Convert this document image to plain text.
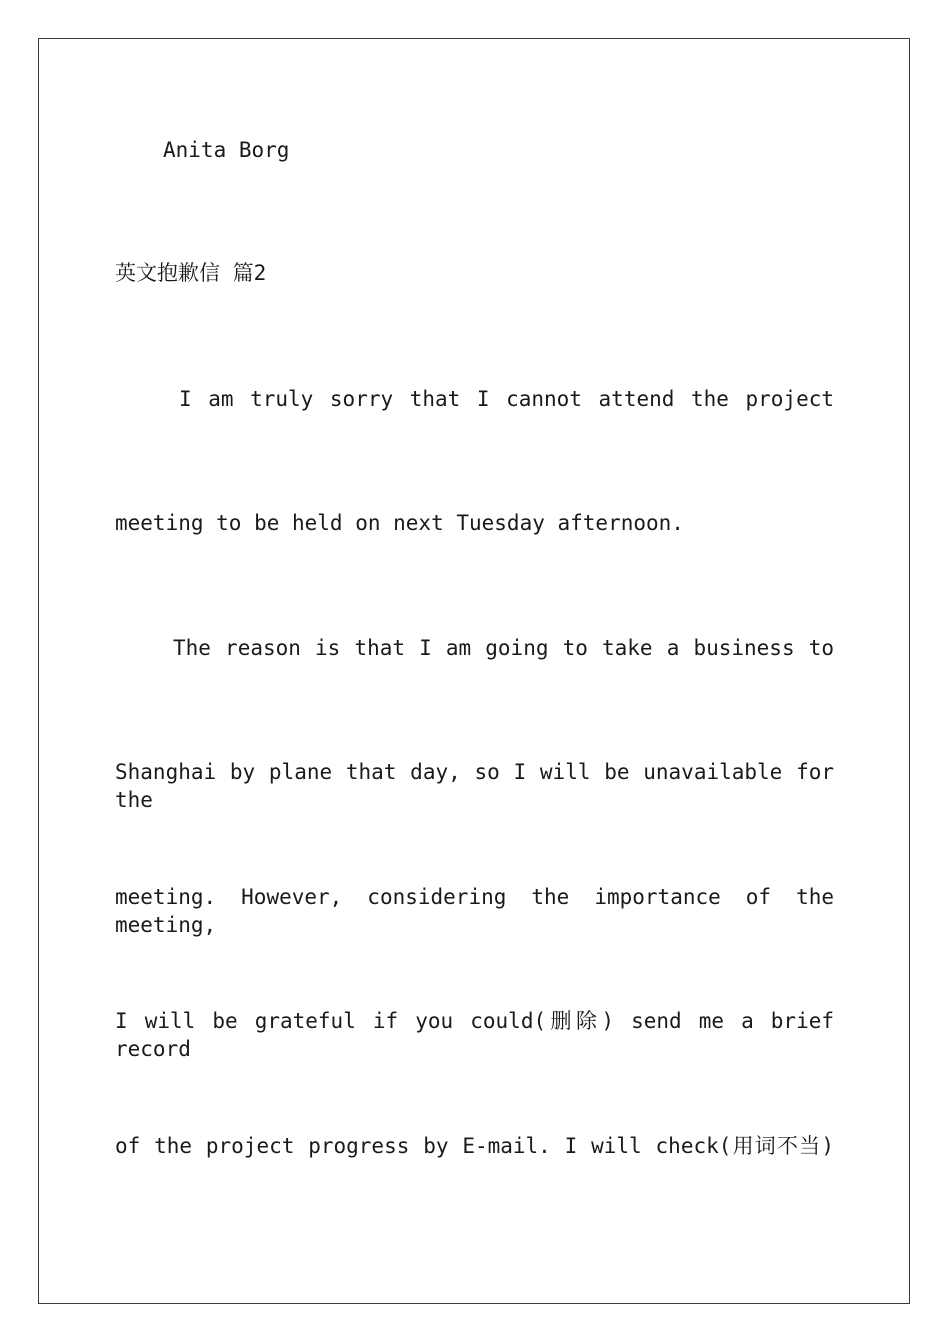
Anita Borg
英文抱歉信 篇2
I am truly sorry that I cannot attend the project
meeting to be held on next Tuesday afternoon.
The reason is that I am going to take a business to
Shanghai by plane that day, so I will be unavailable for the
meeting. However, considering the importance of the meeting,
I will be grateful if you could(删除) send me a brief record
of the project progress by E-mail. I will check(用词不当)
